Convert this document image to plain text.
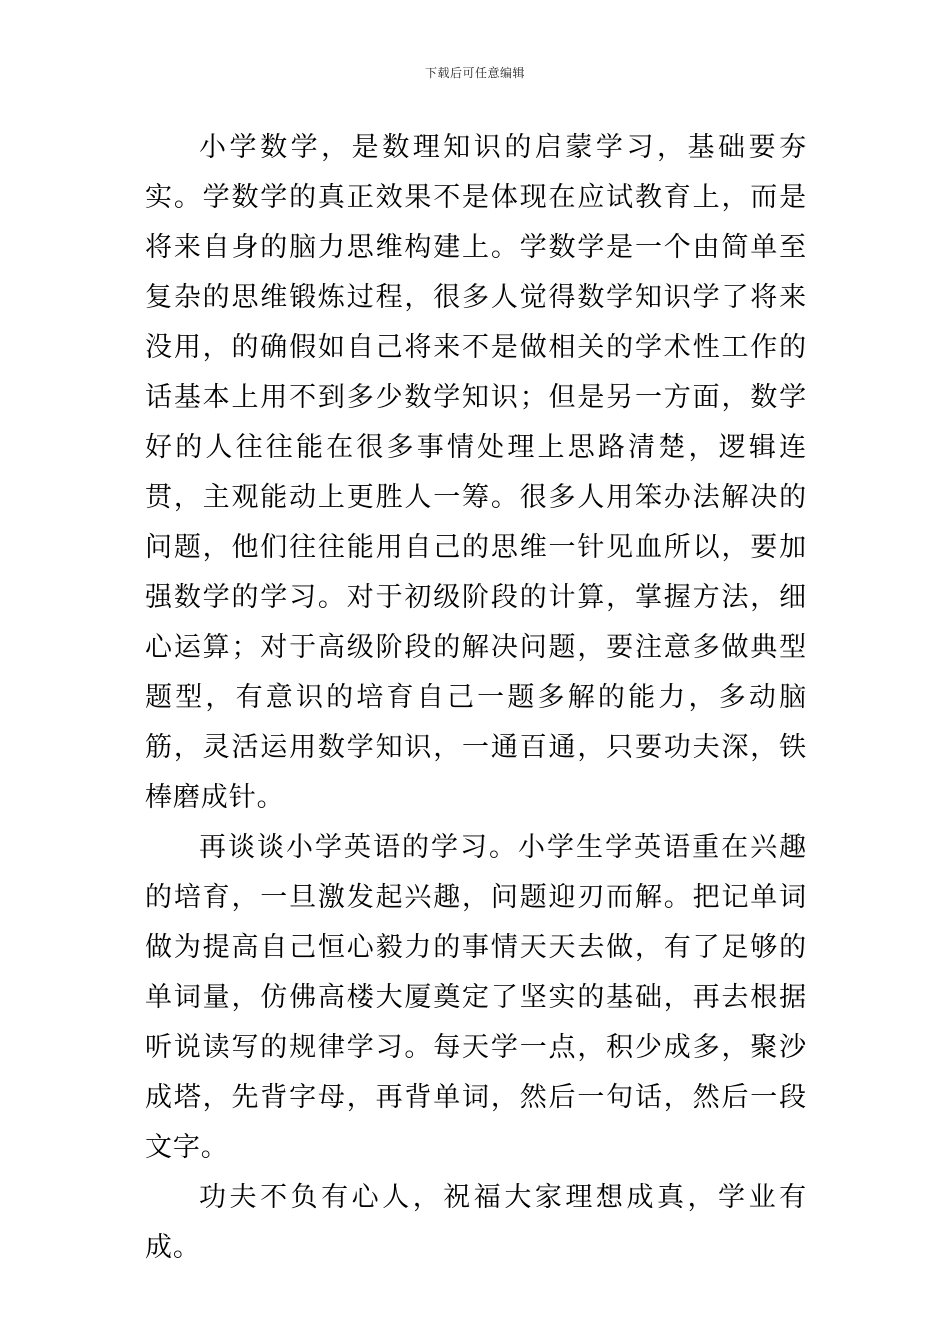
下载后可任意编辑

小学数学，是数理知识的启蒙学习，基础要夯实。学数学的真正效果不是体现在应试教育上，而是将来自身的脑力思维构建上。学数学是一个由简单至复杂的思维锻炼过程，很多人觉得数学知识学了将来没用，的确假如自己将来不是做相关的学术性工作的话基本上用不到多少数学知识；但是另一方面，数学好的人往往能在很多事情处理上思路清楚，逻辑连贯，主观能动上更胜人一筹。很多人用笨办法解决的问题，他们往往能用自己的思维一针见血所以，要加强数学的学习。对于初级阶段的计算，掌握方法，细心运算；对于高级阶段的解决问题，要注意多做典型题型，有意识的培育自己一题多解的能力，多动脑筋，灵活运用数学知识，一通百通，只要功夫深，铁棒磨成针。

再谈谈小学英语的学习。小学生学英语重在兴趣的培育，一旦激发起兴趣，问题迎刃而解。把记单词做为提高自己恒心毅力的事情天天去做，有了足够的单词量，仿佛高楼大厦奠定了坚实的基础，再去根据听说读写的规律学习。每天学一点，积少成多，聚沙成塔，先背字母，再背单词，然后一句话，然后一段文字。

功夫不负有心人，祝福大家理想成真，学业有成。
